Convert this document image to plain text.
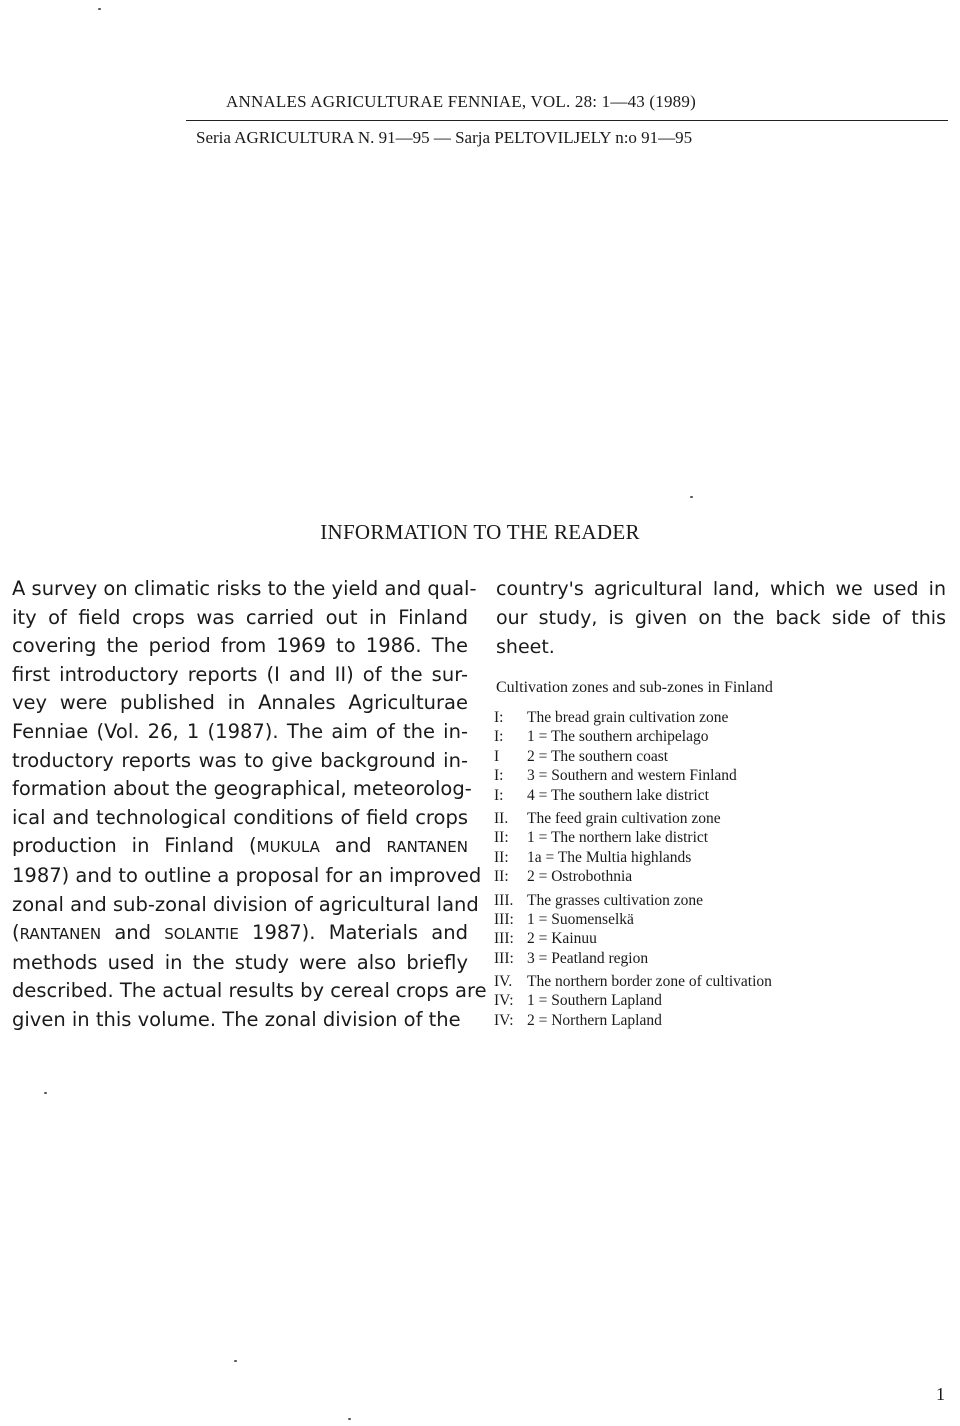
ANNALES AGRICULTURAE FENNIAE, VOL. 28: 1—43 (1989)
Seria AGRICULTURA N. 91—95 — Sarja PELTOVILJELY n:o 91—95
INFORMATION TO THE READER
A survey on climatic risks to the yield and qual-
ity of field crops was carried out in Finland
covering the period from 1969 to 1986. The
first introductory reports (I and II) of the sur-
vey were published in Annales Agriculturae
Fenniae (Vol. 26, 1 (1987). The aim of the in-
troductory reports was to give background in-
formation about the geographical, meteorolog-
ical and technological conditions of field crops
production in Finland (MUKULA and RANTANEN
1987) and to outline a proposal for an improved
zonal and sub-zonal division of agricultural land
(RANTANEN and SOLANTIE 1987). Materials and
methods used in the study were also briefly
described. The actual results by cereal crops are
given in this volume. The zonal division of the
country's agricultural land, which we used in
our study, is given on the back side of this
sheet.
Cultivation zones and sub-zones in Finland
I:	The bread grain cultivation zone
I:	1 = The southern archipelago
I	2 = The southern coast
I:	3 = Southern and western Finland
I:	4 = The southern lake district
II.	The feed grain cultivation zone
II:	1 = The northern lake district
II:	1a = The Multia highlands
II:	2 = Ostrobothnia
III. The grasses cultivation zone
III: 1 = Suomenselkä
III: 2 = Kainuu
III: 3 = Peatland region
IV. The northern border zone of cultivation
IV: 1 = Southern Lapland
IV: 2 = Northern Lapland
1
